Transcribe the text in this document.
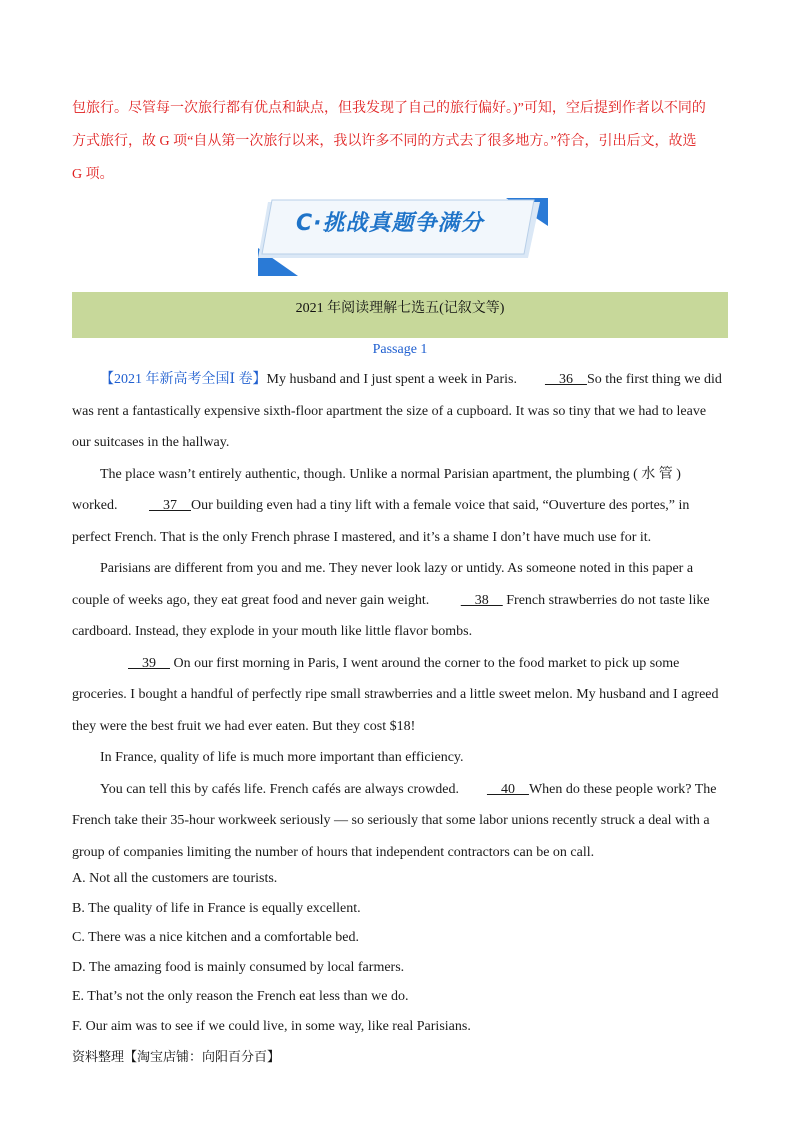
包旅行。尽管每一次旅行都有优点和缺点，但我发现了自己的旅行偏好。)”可知，空后提到作者以不同的

方式旅行，故 G 项“自从第一次旅行以来，我以许多不同的方式去了很多地方。”符合，引出后文，故选

G 项。

C·挑战真题争满分
2021 年阅读理解七选五(记叙文等)
Passage 1

【2021 年新高考全国Ⅰ 卷】My husband and I just spent a week in Paris.    36    So the first thing we did was rent a fantastically expensive sixth-floor apartment the size of a cupboard. It was so tiny that we had to leave our suitcases in the hallway.

The place wasn’t entirely authentic, though. Unlike a normal Parisian apartment, the plumbing ( 水 管 ) worked.     37    Our building even had a tiny lift with a female voice that said, “Ouverture des portes,” in perfect French. That is the only French phrase I mastered, and it’s a shame I don’t have much use for it.

Parisians are different from you and me. They never look lazy or untidy. As someone noted in this paper a couple of weeks ago, they eat great food and never gain weight.     38     French strawberries do not taste like cardboard. Instead, they explode in your mouth like little flavor bombs.

39     On our first morning in Paris, I went around the corner to the food market to pick up some groceries. I bought a handful of perfectly ripe small strawberries and a little sweet melon. My husband and I agreed they were the best fruit we had ever eaten. But they cost $18!

In France, quality of life is much more important than efficiency.

You can tell this by cafés life. French cafés are always crowded.    40    When do these people work? The French take their 35-hour workweek seriously — so seriously that some labor unions recently struck a deal with a group of companies limiting the number of hours that independent contractors can be on call.

A. Not all the customers are tourists.

B. The quality of life in France is equally excellent.

C. There was a nice kitchen and a comfortable bed.

D. The amazing food is mainly consumed by local farmers.

E. That’s not the only reason the French eat less than we do.

F. Our aim was to see if we could live, in some way, like real Parisians.

资料整理【淘宝店铺：向阳百分百】
